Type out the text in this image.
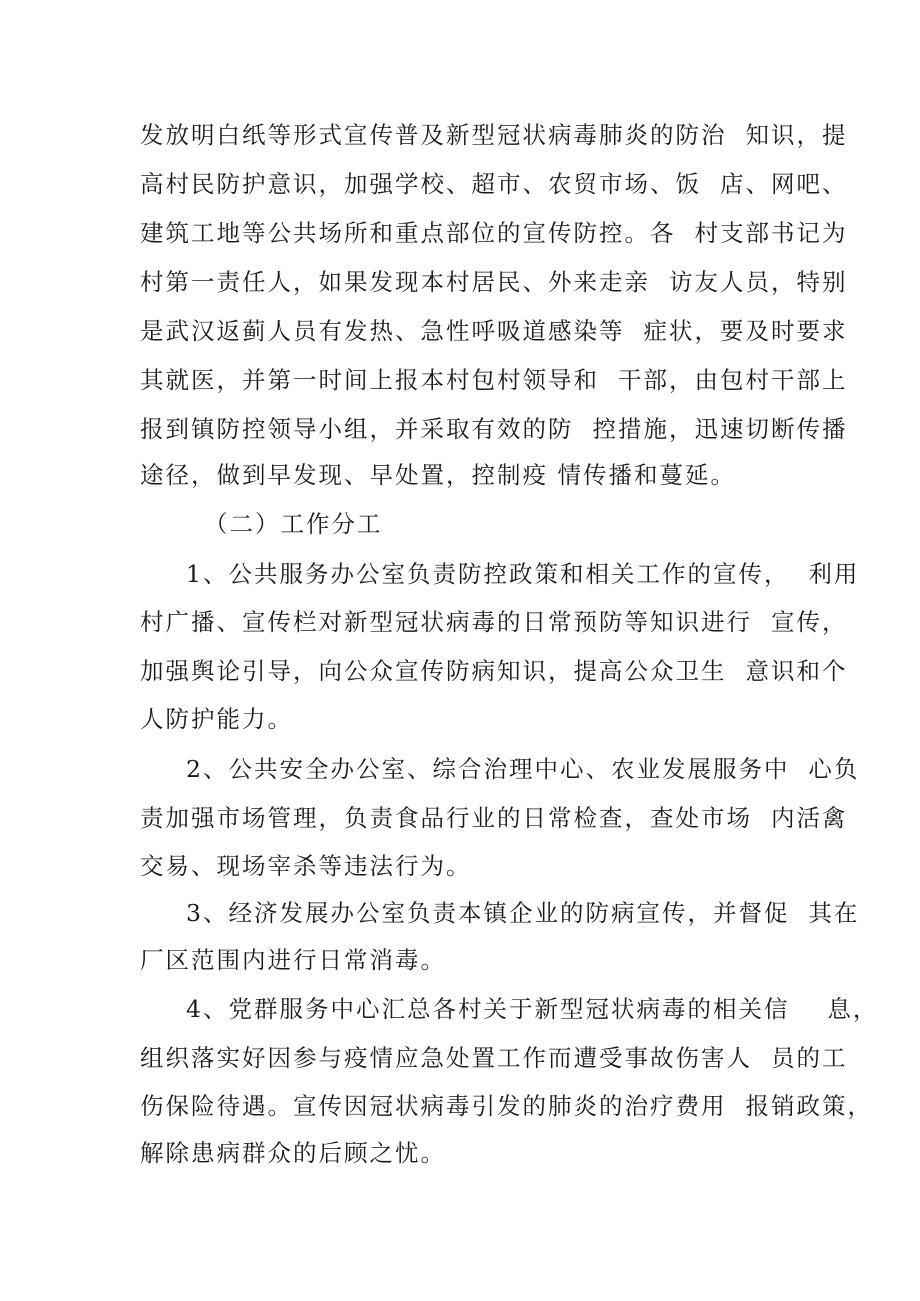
发放明白纸等形式宣传普及新型冠状病毒肺炎的防治  知识，提
高村民防护意识，加强学校、超市、农贸市场、饭  店、网吧、
建筑工地等公共场所和重点部位的宣传防控。各  村支部书记为
村第一责任人，如果发现本村居民、外来走亲  访友人员，特别
是武汉返蓟人员有发热、急性呼吸道感染等  症状，要及时要求
其就医，并第一时间上报本村包村领导和  干部，由包村干部上
报到镇防控领导小组，并采取有效的防  控措施，迅速切断传播
途径，做到早发现、早处置，控制疫 情传播和蔓延。
（二）工作分工
1、公共服务办公室负责防控政策和相关工作的宣传，  利用
村广播、宣传栏对新型冠状病毒的日常预防等知识进行  宣传，
加强舆论引导，向公众宣传防病知识，提高公众卫生  意识和个
人防护能力。
2、公共安全办公室、综合治理中心、农业发展服务中  心负
责加强市场管理，负责食品行业的日常检查，查处市场  内活禽
交易、现场宰杀等违法行为。
3、经济发展办公室负责本镇企业的防病宣传，并督促  其在
厂区范围内进行日常消毒。
4、党群服务中心汇总各村关于新型冠状病毒的相关信    息，
组织落实好因参与疫情应急处置工作而遭受事故伤害人  员的工
伤保险待遇。宣传因冠状病毒引发的肺炎的治疗费用  报销政策，
解除患病群众的后顾之忧。
